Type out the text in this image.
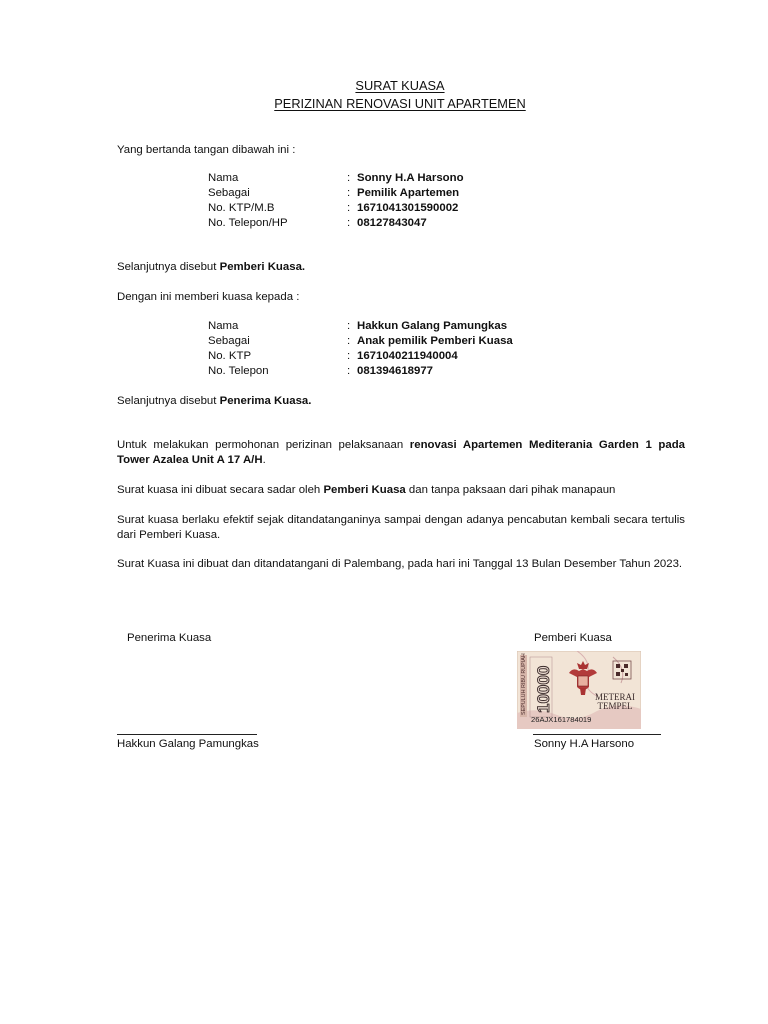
SURAT KUASA
PERIZINAN RENOVASI UNIT APARTEMEN
Yang bertanda tangan dibawah ini :
Nama	: Sonny H.A Harsono
Sebagai	: Pemilik Apartemen
No. KTP/M.B	: 1671041301590002
No. Telepon/HP	: 08127843047
Selanjutnya disebut Pemberi Kuasa.
Dengan ini memberi kuasa kepada :
Nama	: Hakkun Galang Pamungkas
Sebagai	: Anak pemilik Pemberi Kuasa
No. KTP	: 1671040211940004
No. Telepon	: 081394618977
Selanjutnya disebut Penerima Kuasa.
Untuk melakukan permohonan perizinan pelaksanaan renovasi Apartemen Mediterania Garden 1 pada Tower Azalea Unit A 17 A/H.
Surat kuasa ini dibuat secara sadar oleh Pemberi Kuasa dan tanpa paksaan dari pihak manapaun
Surat kuasa berlaku efektif sejak ditandatanganinya sampai dengan adanya pencabutan kembali secara tertulis dari Pemberi Kuasa.
Surat Kuasa ini dibuat dan ditandatangani di Palembang, pada hari ini Tanggal 13 Bulan Desember Tahun 2023.
Penerima Kuasa	Pemberi Kuasa
SEPULUH RIBU RUPIAH 10000	METERAI
TEMPEL
26AJX161784019
Hakkun Galang Pamungkas	Sonny H.A Harsono
